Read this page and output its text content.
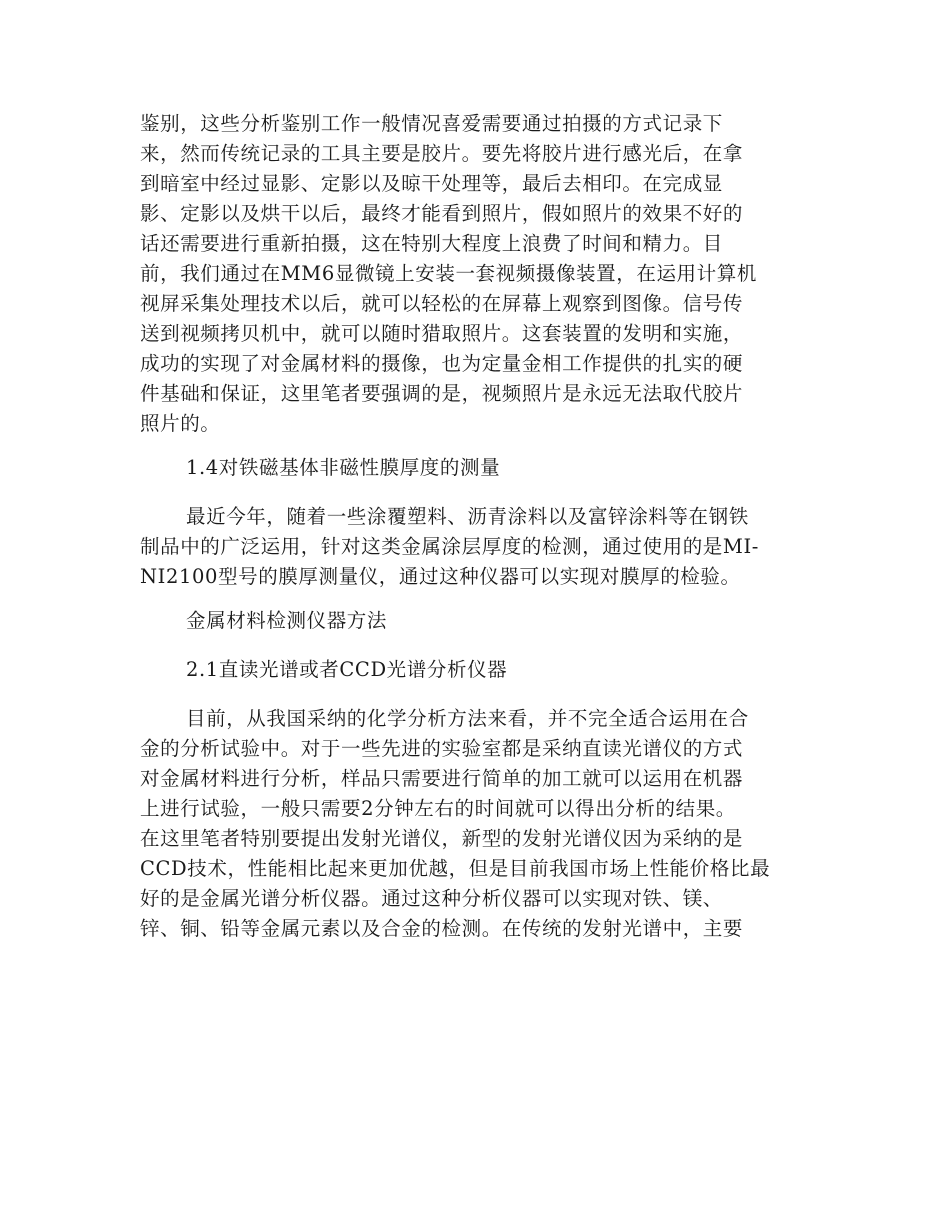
鉴别，这些分析鉴别工作一般情况喜爱需要通过拍摄的方式记录下
来，然而传统记录的工具主要是胶片。要先将胶片进行感光后，在拿
到暗室中经过显影、定影以及晾干处理等，最后去相印。在完成显
影、定影以及烘干以后，最终才能看到照片，假如照片的效果不好的
话还需要进行重新拍摄，这在特别大程度上浪费了时间和精力。目
前，我们通过在MM6显微镜上安装一套视频摄像装置，在运用计算机
视屏采集处理技术以后，就可以轻松的在屏幕上观察到图像。信号传
送到视频拷贝机中，就可以随时猎取照片。这套装置的发明和实施，
成功的实现了对金属材料的摄像，也为定量金相工作提供的扎实的硬
件基础和保证，这里笔者要强调的是，视频照片是永远无法取代胶片
照片的。
1.4对铁磁基体非磁性膜厚度的测量
最近今年，随着一些涂覆塑料、沥青涂料以及富锌涂料等在钢铁
制品中的广泛运用，针对这类金属涂层厚度的检测，通过使用的是MI-
NI2100型号的膜厚测量仪，通过这种仪器可以实现对膜厚的检验。
金属材料检测仪器方法
2.1直读光谱或者CCD光谱分析仪器
目前，从我国采纳的化学分析方法来看，并不完全适合运用在合
金的分析试验中。对于一些先进的实验室都是采纳直读光谱仪的方式
对金属材料进行分析，样品只需要进行简单的加工就可以运用在机器
上进行试验，一般只需要2分钟左右的时间就可以得出分析的结果。
在这里笔者特别要提出发射光谱仪，新型的发射光谱仪因为采纳的是
CCD技术，性能相比起来更加优越，但是目前我国市场上性能价格比最
好的是金属光谱分析仪器。通过这种分析仪器可以实现对铁、镁、
锌、铜、铅等金属元素以及合金的检测。在传统的发射光谱中，主要
